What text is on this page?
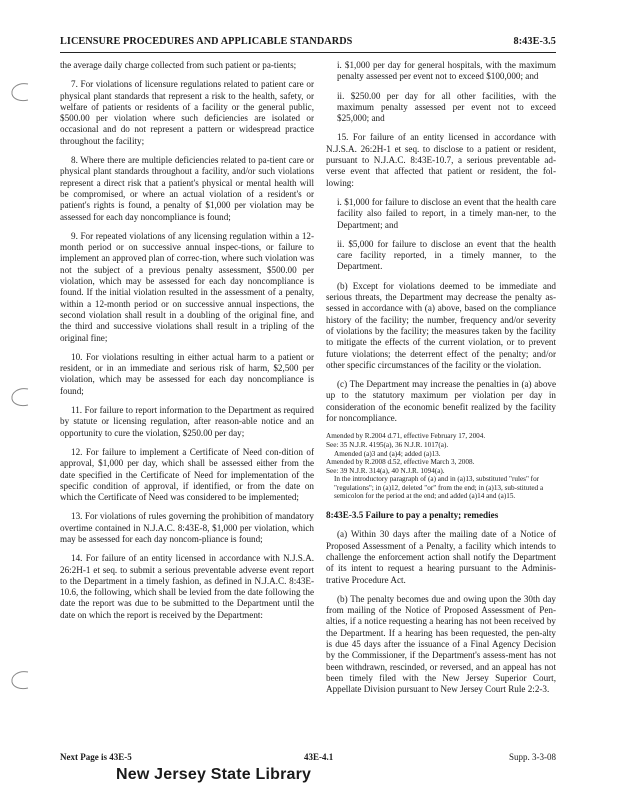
LICENSURE PROCEDURES AND APPLICABLE STANDARDS	8:43E-3.5

the average daily charge collected from such patient or pa-tients;

7. For violations of licensure regulations related to patient care or physical plant standards that represent a risk to the health, safety, or welfare of patients or residents of a facility or the general public, $500.00 per violation where such deficiencies are isolated or occasional and do not represent a pattern or widespread practice throughout the facility;

8. Where there are multiple deficiencies related to pa-tient care or physical plant standards throughout a facility, and/or such violations represent a direct risk that a patient's physical or mental health will be compromised, or where an actual violation of a resident's or patient's rights is found, a penalty of $1,000 per violation may be assessed for each day noncompliance is found;

9. For repeated violations of any licensing regulation within a 12-month period or on successive annual inspec-tions, or failure to implement an approved plan of correc-tion, where such violation was not the subject of a previous penalty assessment, $500.00 per violation, which may be assessed for each day noncompliance is found. If the initial violation resulted in the assessment of a penalty, within a 12-month period or on successive annual inspections, the second violation shall result in a doubling of the original fine, and the third and successive violations shall result in a tripling of the original fine;

10. For violations resulting in either actual harm to a patient or resident, or in an immediate and serious risk of harm, $2,500 per violation, which may be assessed for each day noncompliance is found;

11. For failure to report information to the Department as required by statute or licensing regulation, after reason-able notice and an opportunity to cure the violation, $250.00 per day;

12. For failure to implement a Certificate of Need con-dition of approval, $1,000 per day, which shall be assessed either from the date specified in the Certificate of Need for implementation of the specific condition of approval, if identified, or from the date on which the Certificate of Need was considered to be implemented;

13. For violations of rules governing the prohibition of mandatory overtime contained in N.J.A.C. 8:43E-8, $1,000 per violation, which may be assessed for each day noncom-pliance is found;

14. For failure of an entity licensed in accordance with N.J.S.A. 26:2H-1 et seq. to submit a serious preventable adverse event report to the Department in a timely fashion, as defined in N.J.A.C. 8:43E-10.6, the following, which shall be levied from the date following the date the report was due to be submitted to the Department until the date on which the report is received by the Department:

i. $1,000 per day for general hospitals, with the maximum penalty assessed per event not to exceed $100,000; and

ii. $250.00 per day for all other facilities, with the maximum penalty assessed per event not to exceed $25,000; and

15. For failure of an entity licensed in accordance with N.J.S.A. 26:2H-1 et seq. to disclose to a patient or resident, pursuant to N.J.A.C. 8:43E-10.7, a serious preventable ad-verse event that affected that patient or resident, the fol-lowing:

i. $1,000 for failure to disclose an event that the health care facility also failed to report, in a timely man-ner, to the Department; and

ii. $5,000 for failure to disclose an event that the health care facility reported, in a timely manner, to the Department.

(b) Except for violations deemed to be immediate and serious threats, the Department may decrease the penalty as-sessed in accordance with (a) above, based on the compliance history of the facility; the number, frequency and/or severity of violations by the facility; the measures taken by the facility to mitigate the effects of the current violation, or to prevent future violations; the deterrent effect of the penalty; and/or other specific circumstances of the facility or the violation.

(c) The Department may increase the penalties in (a) above up to the statutory maximum per violation per day in consideration of the economic benefit realized by the facility for noncompliance.

Amended by R.2004 d.71, effective February 17, 2004.
See: 35 N.J.R. 4195(a), 36 N.J.R. 1017(a).
Amended (a)3 and (a)4; added (a)13.
Amended by R.2008 d.52, effective March 3, 2008.
See: 39 N.J.R. 314(a), 40 N.J.R. 1094(a).
In the introductory paragraph of (a) and in (a)13, substituted "rules" for "regulations"; in (a)12, deleted "or" from the end; in (a)13, sub-stituted a semicolon for the period at the end; and added (a)14 and (a)15.

8:43E-3.5 Failure to pay a penalty; remedies

(a) Within 30 days after the mailing date of a Notice of Proposed Assessment of a Penalty, a facility which intends to challenge the enforcement action shall notify the Department of its intent to request a hearing pursuant to the Adminis-trative Procedure Act.

(b) The penalty becomes due and owing upon the 30th day from mailing of the Notice of Proposed Assessment of Pen-alties, if a notice requesting a hearing has not been received by the Department. If a hearing has been requested, the pen-alty is due 45 days after the issuance of a Final Agency Decision by the Commissioner, if the Department's assess-ment has not been withdrawn, rescinded, or reversed, and an appeal has not been timely filed with the New Jersey Superior Court, Appellate Division pursuant to New Jersey Court Rule 2:2-3.

Next Page is 43E-5	43E-4.1	Supp. 3-3-08
New Jersey State Library
